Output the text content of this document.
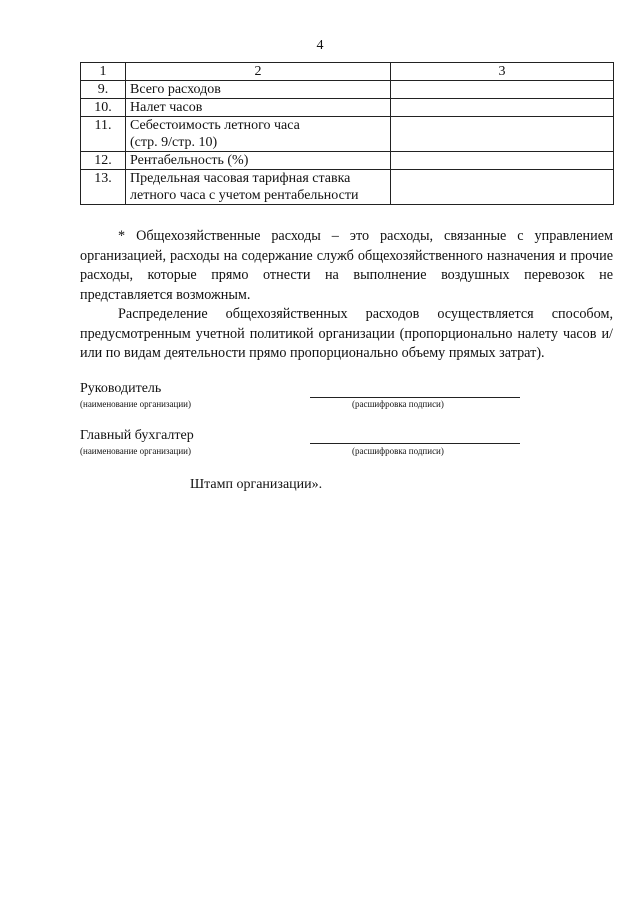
4
1	2	3
9.	Всего расходов	
10.	Налет часов	
11.	Себестоимость летного часа
(стр. 9/стр. 10)	
12.	Рентабельность (%)	
13.	Предельная часовая тарифная ставка
летного часа с учетом рентабельности	

* Общехозяйственные расходы – это расходы, связанные с управлением организацией, расходы на содержание служб общехозяйственного назначения и прочие расходы, которые прямо отнести на выполнение воздушных перевозок не представляется возможным.

Распределение общехозяйственных расходов осуществляется способом, предусмотренным учетной политикой организации (пропорционально налету часов и/или по видам деятельности прямо пропорционально объему прямых затрат).

Руководитель
(наименование организации)	(расшифровка подписи)
Главный бухгалтер
(наименование организации)	(расшифровка подписи)
Штамп организации».
